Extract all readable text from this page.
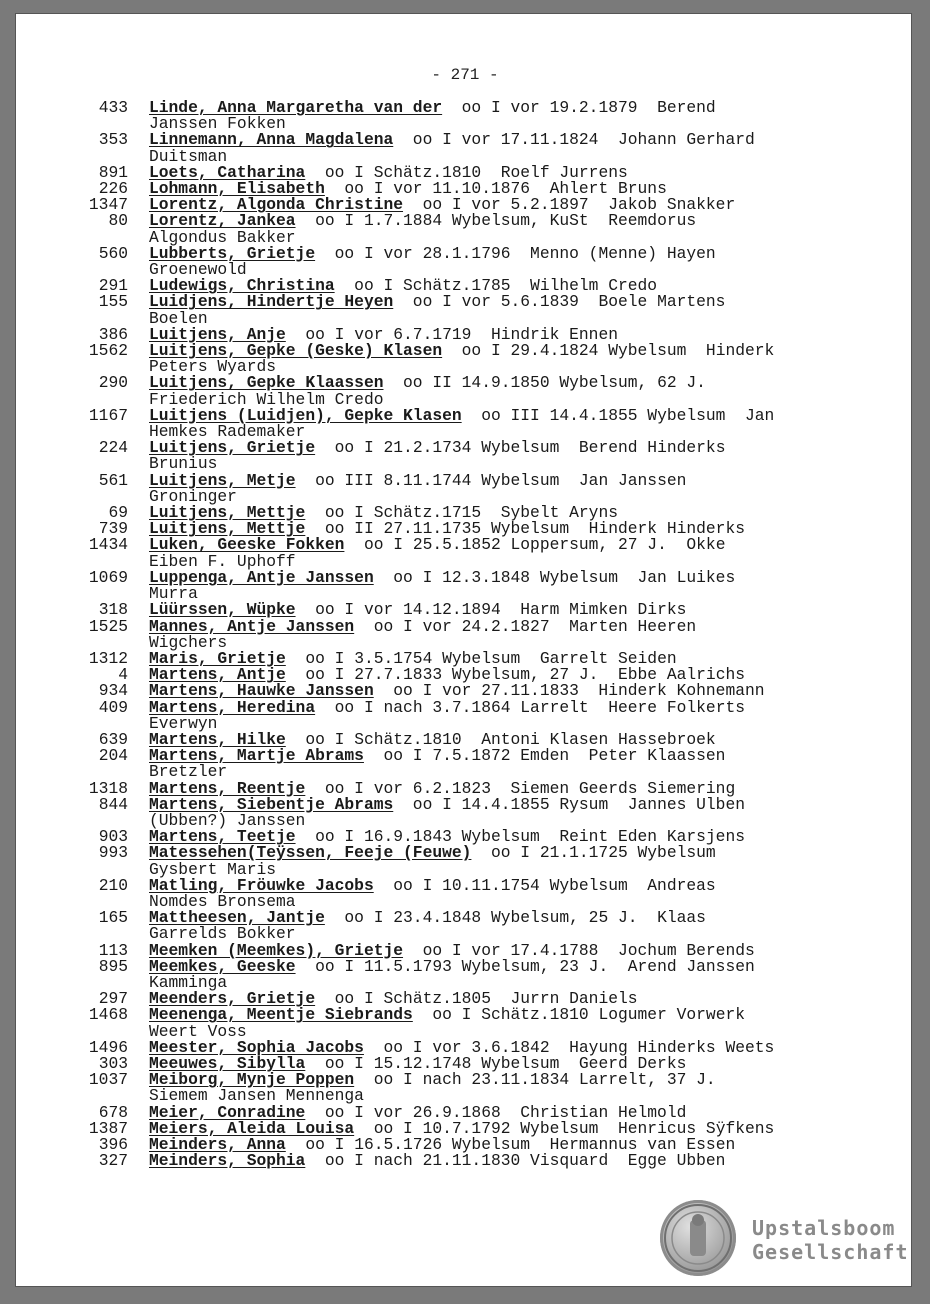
- 271 -
433	Linde, Anna Margaretha van der  oo I vor 19.2.1879  Berend
Janssen Fokken
353	Linnemann, Anna Magdalena  oo I vor 17.11.1824  Johann Gerhard
Duitsman
891	Loets, Catharina  oo I Schätz.1810  Roelf Jurrens
226	Lohmann, Elisabeth  oo I vor 11.10.1876  Ahlert Bruns
1347	Lorentz, Algonda Christine  oo I vor 5.2.1897  Jakob Snakker
80	Lorentz, Jankea  oo I 1.7.1884 Wybelsum, KuSt  Reemdorus
Algondus Bakker
560	Lubberts, Grietje  oo I vor 28.1.1796  Menno (Menne) Hayen
Groenewold
291	Ludewigs, Christina  oo I Schätz.1785  Wilhelm Credo
155	Luidjens, Hindertje Heyen  oo I vor 5.6.1839  Boele Martens
Boelen
386	Luitjens, Anje  oo I vor 6.7.1719  Hindrik Ennen
1562	Luitjens, Gepke (Geske) Klasen  oo I 29.4.1824 Wybelsum  Hinderk
Peters Wyards
290	Luitjens, Gepke Klaassen  oo II 14.9.1850 Wybelsum, 62 J.
Friederich Wilhelm Credo
1167	Luitjens (Luidjen), Gepke Klasen  oo III 14.4.1855 Wybelsum  Jan
Hemkes Rademaker
224	Luitjens, Grietje  oo I 21.2.1734 Wybelsum  Berend Hinderks
Brunius
561	Luitjens, Metje  oo III 8.11.1744 Wybelsum  Jan Janssen
Groninger
69	Luitjens, Mettje  oo I Schätz.1715  Sybelt Aryns
739	Luitjens, Mettje  oo II 27.11.1735 Wybelsum  Hinderk Hinderks
1434	Luken, Geeske Fokken  oo I 25.5.1852 Loppersum, 27 J.  Okke
Eiben F. Uphoff
1069	Luppenga, Antje Janssen  oo I 12.3.1848 Wybelsum  Jan Luikes
Murra
318	Lüürssen, Wüpke  oo I vor 14.12.1894  Harm Mimken Dirks
1525	Mannes, Antje Janssen  oo I vor 24.2.1827  Marten Heeren
Wigchers
1312	Maris, Grietje  oo I 3.5.1754 Wybelsum  Garrelt Seiden
4	Martens, Antje  oo I 27.7.1833 Wybelsum, 27 J.  Ebbe Aalrichs
934	Martens, Hauwke Janssen  oo I vor 27.11.1833  Hinderk Kohnemann
409	Martens, Heredina  oo I nach 3.7.1864 Larrelt  Heere Folkerts
Everwyn
639	Martens, Hilke  oo I Schätz.1810  Antoni Klasen Hassebroek
204	Martens, Martje Abrams  oo I 7.5.1872 Emden  Peter Klaassen
Bretzler
1318	Martens, Reentje  oo I vor 6.2.1823  Siemen Geerds Siemering
844	Martens, Siebentje Abrams  oo I 14.4.1855 Rysum  Jannes Ulben
(Ubben?) Janssen
903	Martens, Teetje  oo I 16.9.1843 Wybelsum  Reint Eden Karsjens
993	Matessehen(Teÿssen, Feeje (Feuwe)  oo I 21.1.1725 Wybelsum
Gysbert Maris
210	Matling, Fröuwke Jacobs  oo I 10.11.1754 Wybelsum  Andreas
Nomdes Bronsema
165	Mattheesen, Jantje  oo I 23.4.1848 Wybelsum, 25 J.  Klaas
Garrelds Bokker
113	Meemken (Meemkes), Grietje  oo I vor 17.4.1788  Jochum Berends
895	Meemkes, Geeske  oo I 11.5.1793 Wybelsum, 23 J.  Arend Janssen
Kamminga
297	Meenders, Grietje  oo I Schätz.1805  Jurrn Daniels
1468	Meenenga, Meentje Siebrands  oo I Schätz.1810 Logumer Vorwerk
Weert Voss
1496	Meester, Sophia Jacobs  oo I vor 3.6.1842  Hayung Hinderks Weets
303	Meeuwes, Sibylla  oo I 15.12.1748 Wybelsum  Geerd Derks
1037	Meiborg, Mynje Poppen  oo I nach 23.11.1834 Larrelt, 37 J.
Siemem Jansen Mennenga
678	Meier, Conradine  oo I vor 26.9.1868  Christian Helmold
1387	Meiers, Aleida Louisa  oo I 10.7.1792 Wybelsum  Henricus Sÿfkens
396	Meinders, Anna  oo I 16.5.1726 Wybelsum  Hermannus van Essen
327	Meinders, Sophia  oo I nach 21.11.1830 Visquard  Egge Ubben
Upstalsboom
Gesellschaft
